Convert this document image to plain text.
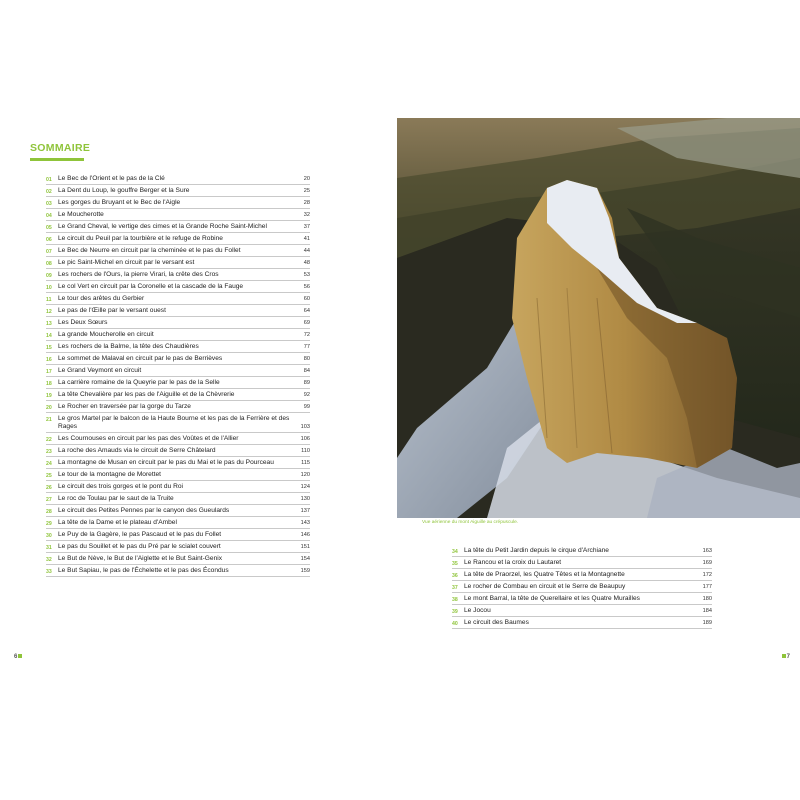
SOMMAIRE
01 Le Bec de l'Orient et le pas de la Clé	20
02 La Dent du Loup, le gouffre Berger et la Sure	25
03 Les gorges du Bruyant et le Bec de l'Aigle	28
04 Le Moucherotte	32
05 Le Grand Cheval, le vertige des cimes et la Grande Roche Saint-Michel	37
06 Le circuit du Peuil par la tourbière et le refuge de Robine	41
07 Le Bec de Neurre en circuit par la cheminée et le pas du Follet	44
08 Le pic Saint-Michel en circuit par le versant est	48
09 Les rochers de l'Ours, la pierre Virari, la crête des Cros	53
10 Le col Vert en circuit par la Coronelle et la cascade de la Fauge	56
11 Le tour des arêtes du Gerbier	60
12 Le pas de l'Œille par le versant ouest	64
13 Les Deux Sœurs	69
14 La grande Moucherolle en circuit	72
15 Les rochers de la Balme, la tête des Chaudières	77
16 Le sommet de Malaval en circuit par le pas de Berrièves	80
17 Le Grand Veymont en circuit	84
18 La carrière romaine de la Queyrie par le pas de la Selle	89
19 La tête Chevalière par les pas de l'Aiguille et de la Chèvrerie	92
20 Le Rocher en traversée par la gorge du Tarze	99
21 Le gros Martel par le balcon de la Haute Bourne et les pas de la Ferrière et des Rages	103
22 Les Cournouses en circuit par les pas des Voûtes et de l'Allier	106
23 La roche des Amauds via le circuit de Serre Châtelard	110
24 La montagne de Musan en circuit par le pas du Mai et le pas du Pourceau	115
25 Le tour de la montagne de Morettet	120
26 Le circuit des trois gorges et le pont du Roi	124
27 Le roc de Toulau par le saut de la Truite	130
28 Le circuit des Petites Pennes par le canyon des Gueulards	137
29 La tête de la Dame et le plateau d'Ambel	143
30 Le Puy de la Gagère, le pas Pascaud et le pas du Follet	146
31 Le pas du Souillet et le pas du Pré par le scialet couvert	151
32 Le But de Nève, le But de l'Aiglette et le But Saint-Genix	154
33 Le But Sapiau, le pas de l'Échelette et le pas des Écondus	159
6
Vue aérienne du mont Aiguille au crépuscule.
34 La tête du Petit Jardin depuis le cirque d'Archiane	163
35 Le Rancou et la croix du Lautaret	169
36 La tête de Praorzel, les Quatre Têtes et la Montagnette	172
37 Le rocher de Combau en circuit et le Serre de Beaupuy	177
38 Le mont Barral, la tête de Querellaire et les Quatre Murailles	180
39 Le Jocou	184
40 Le circuit des Baumes	189
7
